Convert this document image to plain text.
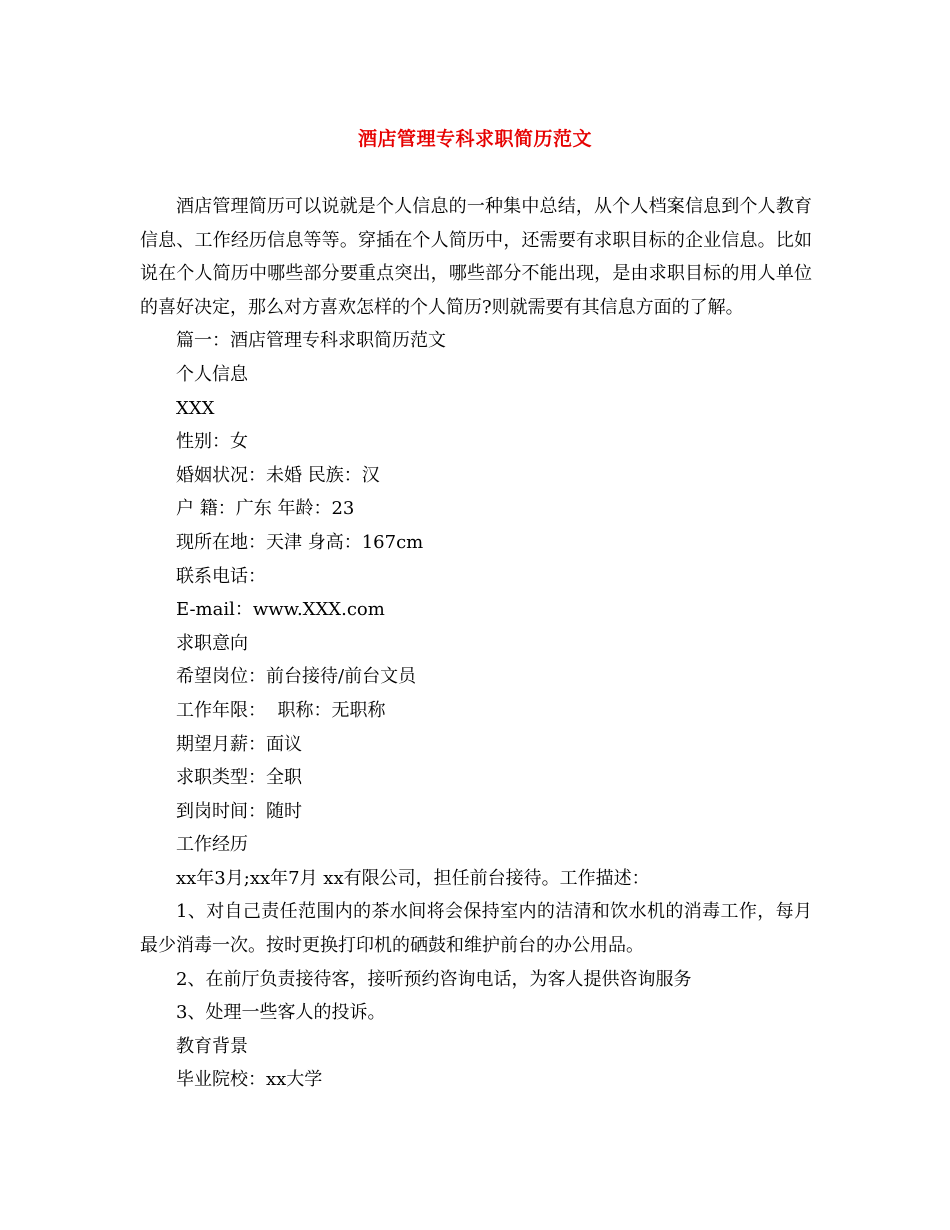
酒店管理专科求职简历范文

酒店管理简历可以说就是个人信息的一种集中总结，从个人档案信息到个人教育信息、工作经历信息等等。穿插在个人简历中，还需要有求职目标的企业信息。比如说在个人简历中哪些部分要重点突出，哪些部分不能出现，是由求职目标的用人单位的喜好决定，那么对方喜欢怎样的个人简历?则就需要有其信息方面的了解。

篇一：酒店管理专科求职简历范文

个人信息

XXX

性别：女

婚姻状况：未婚 民族：汉

户 籍：广东 年龄：23

现所在地：天津 身高：167cm

联系电话：

E-mail：www.XXX.com

求职意向

希望岗位：前台接待/前台文员

工作年限：  职称：无职称

期望月薪：面议

求职类型：全职

到岗时间：随时

工作经历

xx年3月;xx年7月 xx有限公司，担任前台接待。工作描述：

1、对自己责任范围内的茶水间将会保持室内的洁清和饮水机的消毒工作，每月最少消毒一次。按时更换打印机的硒鼓和维护前台的办公用品。

2、在前厅负责接待客，接听预约咨询电话，为客人提供咨询服务

3、处理一些客人的投诉。

教育背景

毕业院校：xx大学
